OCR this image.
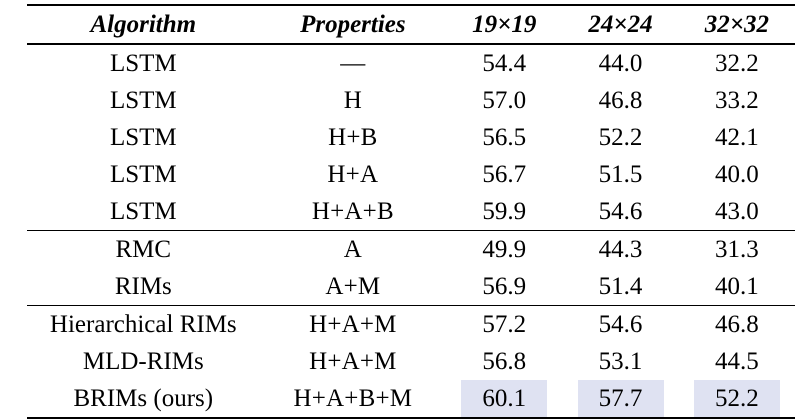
Algorithm	Properties	19×19	24×24	32×32
LSTM	—	54.4	44.0	32.2
LSTM	H	57.0	46.8	33.2
LSTM	H+B	56.5	52.2	42.1
LSTM	H+A	56.7	51.5	40.0
LSTM	H+A+B	59.9	54.6	43.0
RMC	A	49.9	44.3	31.3
RIMs	A+M	56.9	51.4	40.1
Hierarchical RIMs	H+A+M	57.2	54.6	46.8
MLD-RIMs	H+A+M	56.8	53.1	44.5
BRIMs (ours)	H+A+B+M	60.1	57.7	52.2
